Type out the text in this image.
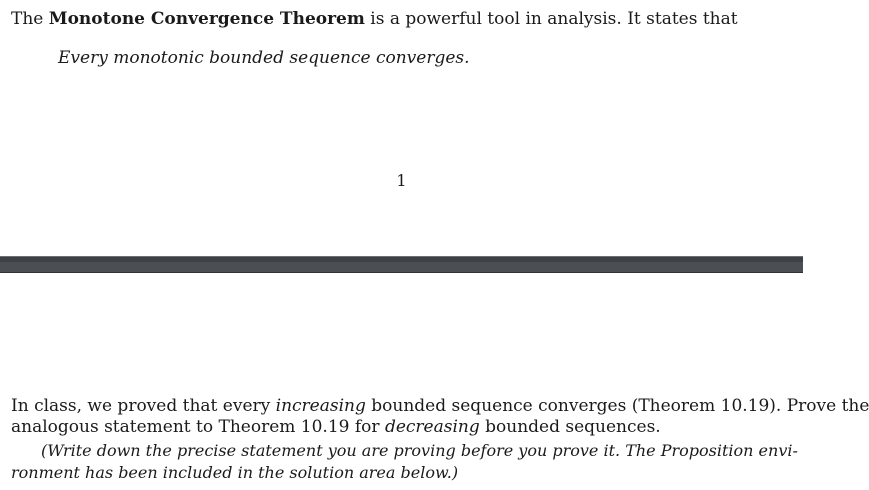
The Monotone Convergence Theorem is a powerful tool in analysis. It states that
Every monotonic bounded sequence converges.
1
In class, we proved that every increasing bounded sequence converges (Theorem 10.19). Prove the
analogous statement to Theorem 10.19 for decreasing bounded sequences.
(Write down the precise statement you are proving before you prove it. The Proposition envi-
ronment has been included in the solution area below.)
